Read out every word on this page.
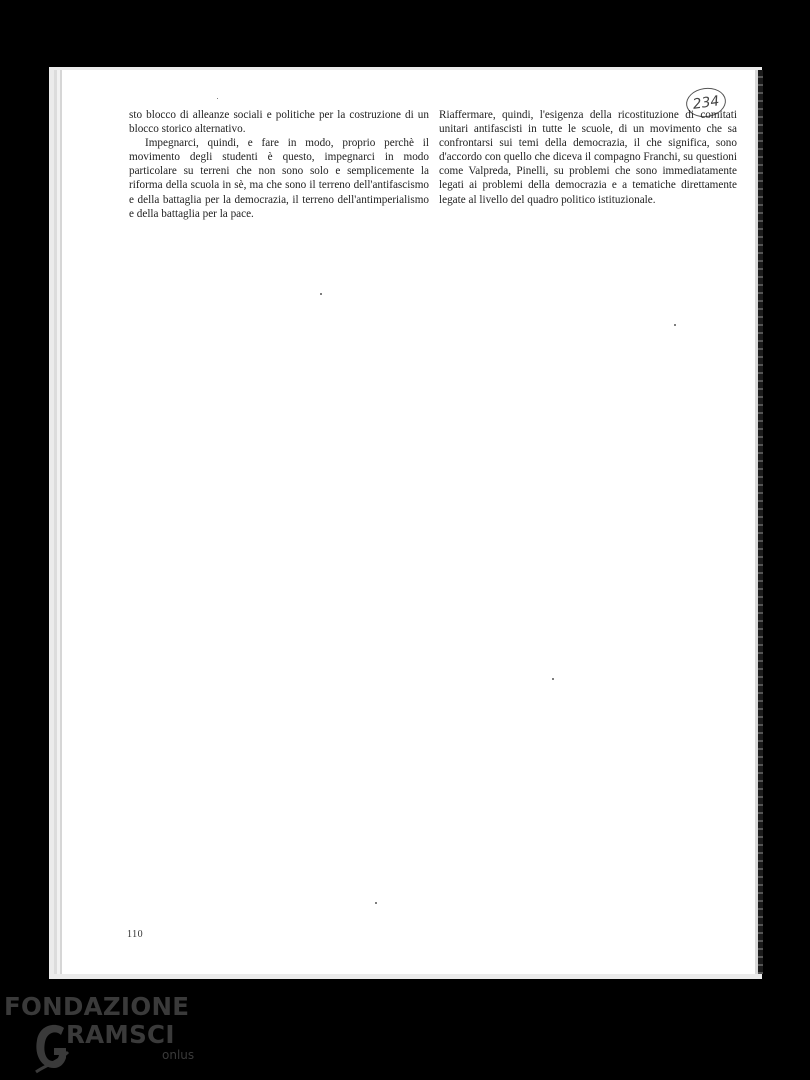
234

sto blocco di alleanze sociali e politiche per la costruzione di un blocco storico alternativo.

Impegnarci, quindi, e fare in modo, proprio perchè il movimento degli studenti è questo, impegnarci in modo particolare su terreni che non sono solo e semplicemente la riforma della scuola in sè, ma che sono il terreno dell'antifascismo e della battaglia per la democrazia, il terreno dell'antimperialismo e della battaglia per la pace.

Riaffermare, quindi, l'esigenza della ricostituzione di comitati unitari antifascisti in tutte le scuole, di un movimento che sa confrontarsi sui temi della democrazia, il che significa, sono d'accordo con quello che diceva il compagno Franchi, su questioni come Valpreda, Pinelli, su problemi che sono immediatamente legati ai problemi della democrazia e a tematiche direttamente legate al livello del quadro politico istituzionale.

110
FONDAZIONE
RAMSCI
onlus
